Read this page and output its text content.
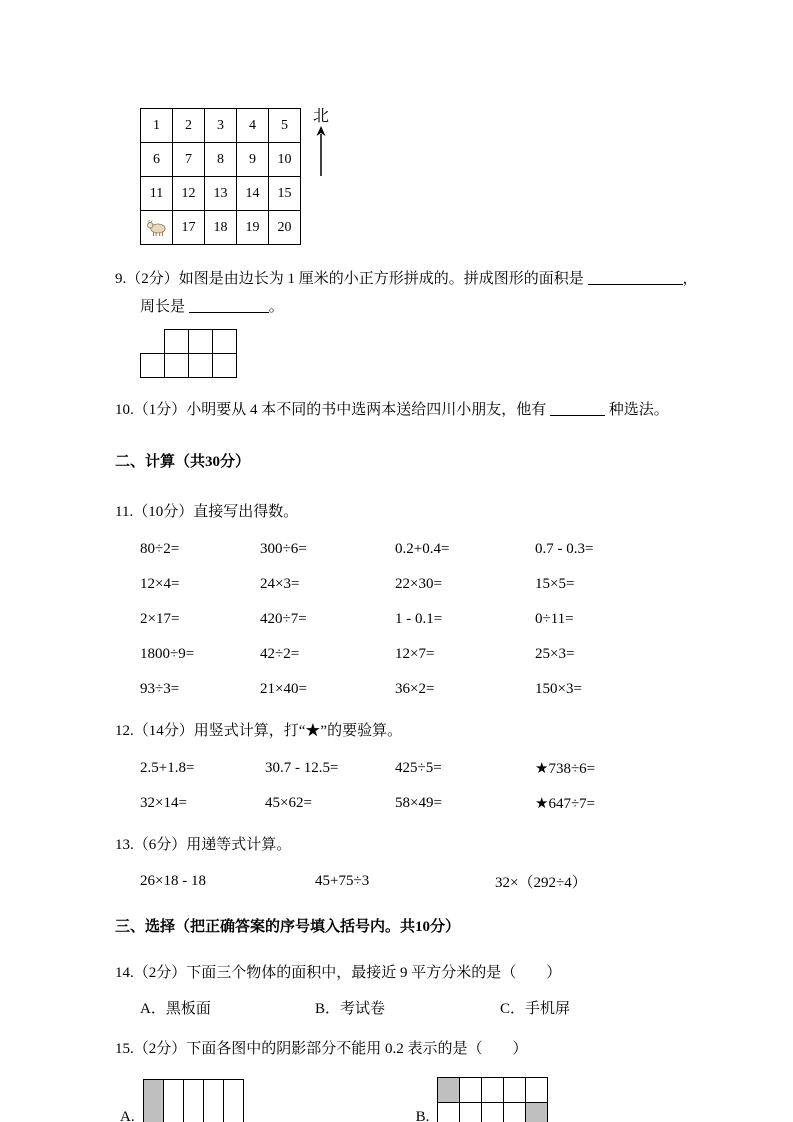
1	2	3	4	5
6	7	8	9	10
11	12	13	14	15

	17	18	19	20
北

9.（2分）如图是由边长为 1 厘米的小正方形拼成的。拼成图形的面积是	，
周长是	。

10.（1分）小明要从 4 本不同的书中选两本送给四川小朋友，他有	种选法。

二、计算（共30分）

11.（10分）直接写出得数。

80÷2=	300÷6=	0.2+0.4=	0.7 - 0.3=
12×4=	24×3=	22×30=	15×5=
2×17=	420÷7=	1 - 0.1=	0÷11=
1800÷9=	42÷2=	12×7=	25×3=
93÷3=	21×40=	36×2=	150×3=

12.（14分）用竖式计算，打“★”的要验算。

2.5+1.8=	30.7 - 12.5=	425÷5=	★738÷6=
32×14=	45×62=	58×49=	★647÷7=

13.（6分）用递等式计算。

26×18 - 18	45+75÷3	32×（292÷4）

三、选择（把正确答案的序号填入括号内。共10分）

14.（2分）下面三个物体的面积中，最接近 9 平方分米的是（　　）

A．黑板面	B．考试卷	C．手机屏

15.（2分）下面各图中的阴影部分不能用 0.2 表示的是（　　）

A.	B.
